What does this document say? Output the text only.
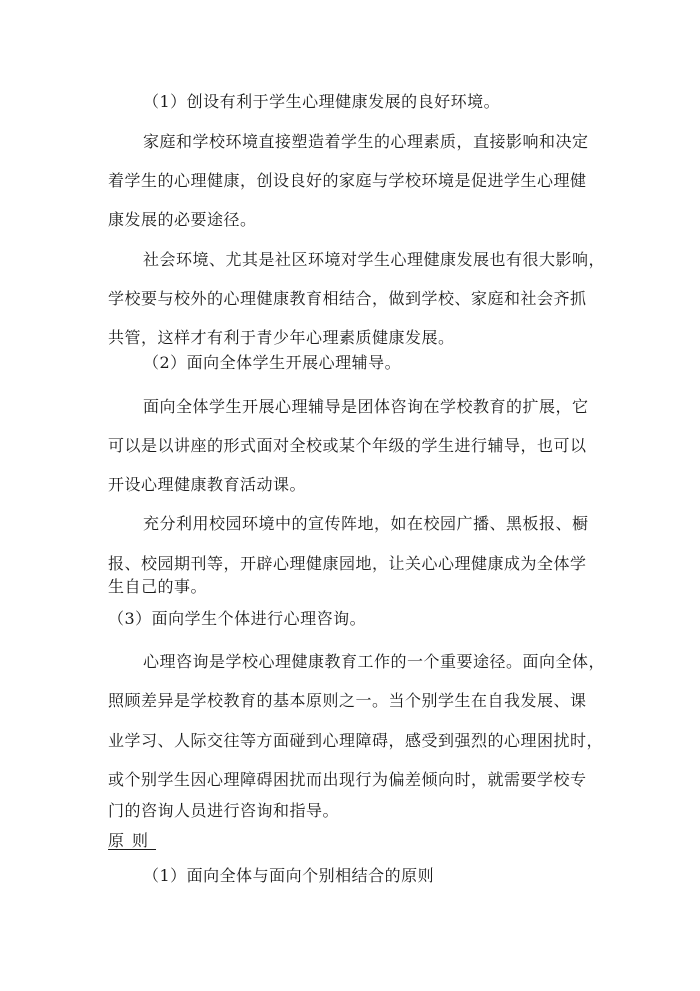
（1）创设有利于学生心理健康发展的良好环境。
家庭和学校环境直接塑造着学生的心理素质，直接影响和决定
着学生的心理健康，创设良好的家庭与学校环境是促进学生心理健
康发展的必要途径。
社会环境、尤其是社区环境对学生心理健康发展也有很大影响，
学校要与校外的心理健康教育相结合，做到学校、家庭和社会齐抓
共管，这样才有利于青少年心理素质健康发展。
（2）面向全体学生开展心理辅导。
面向全体学生开展心理辅导是团体咨询在学校教育的扩展，它
可以是以讲座的形式面对全校或某个年级的学生进行辅导，也可以
开设心理健康教育活动课。
充分利用校园环境中的宣传阵地，如在校园广播、黑板报、橱
报、校园期刊等，开辟心理健康园地，让关心心理健康成为全体学
生自己的事。
（3）面向学生个体进行心理咨询。
心理咨询是学校心理健康教育工作的一个重要途径。面向全体，
照顾差异是学校教育的基本原则之一。当个别学生在自我发展、课
业学习、人际交往等方面碰到心理障碍，感受到强烈的心理困扰时，
或个别学生因心理障碍困扰而出现行为偏差倾向时，就需要学校专
门的咨询人员进行咨询和指导。
原则
（1）面向全体与面向个别相结合的原则
